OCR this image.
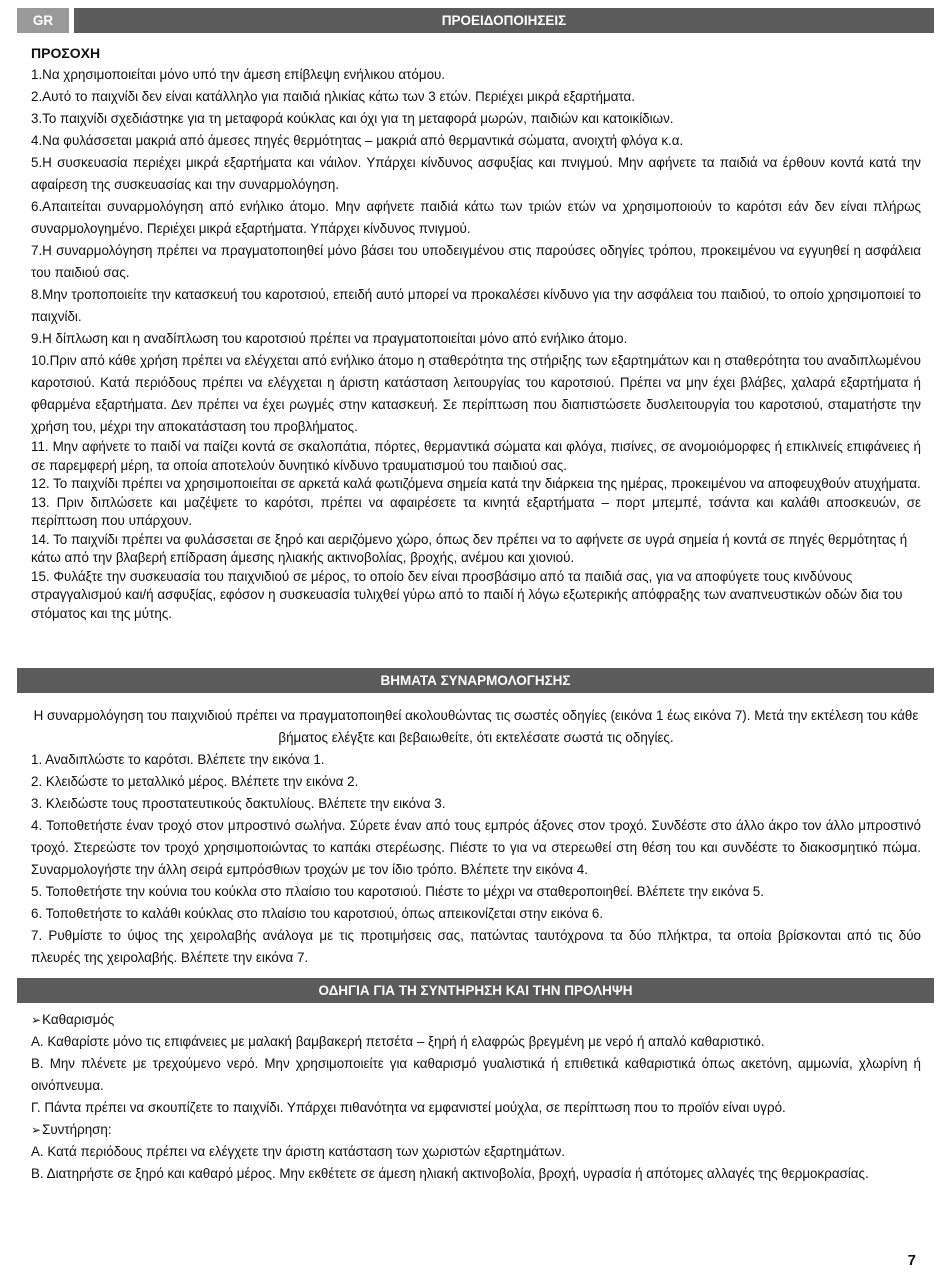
GR	ΠΡΟΕΙΔΟΠΟΙΗΣΕΙΣ

ΠΡΟΣΟΧΗ

1.Να χρησιμοποιείται μόνο υπό την άμεση επίβλεψη ενήλικου ατόμου.

2.Αυτό το παιχνίδι δεν είναι κατάλληλο για παιδιά ηλικίας κάτω των 3 ετών. Περιέχει μικρά εξαρτήματα.

3.Το παιχνίδι σχεδιάστηκε για τη μεταφορά κούκλας και όχι για τη μεταφορά μωρών, παιδιών και κατοικίδιων.

4.Να φυλάσσεται μακριά από άμεσες πηγές θερμότητας – μακριά από θερμαντικά σώματα, ανοιχτή φλόγα κ.α.

5.Η συσκευασία περιέχει μικρά εξαρτήματα και νάιλον. Υπάρχει κίνδυνος ασφυξίας και πνιγμού. Μην αφήνετε τα παιδιά να έρθουν κοντά κατά την αφαίρεση της συσκευασίας και την συναρμολόγηση.

6.Απαιτείται συναρμολόγηση από ενήλικο άτομο. Μην αφήνετε παιδιά κάτω των τριών ετών να χρησιμοποιούν το καρότσι εάν δεν είναι πλήρως συναρμολογημένο. Περιέχει μικρά εξαρτήματα. Υπάρχει κίνδυνος πνιγμού.

7.Η συναρμολόγηση πρέπει να πραγματοποιηθεί μόνο βάσει του υποδειγμένου στις παρούσες οδηγίες τρόπου, προκειμένου να εγγυηθεί η ασφάλεια του παιδιού σας.

8.Μην τροποποιείτε την κατασκευή του καροτσιού, επειδή αυτό μπορεί να προκαλέσει κίνδυνο για την ασφάλεια του παιδιού, το οποίο χρησιμοποιεί το παιχνίδι.

9.Η δίπλωση και η αναδίπλωση του καροτσιού πρέπει να πραγματοποιείται μόνο από ενήλικο άτομο.

10.Πριν από κάθε χρήση πρέπει να ελέγχεται από ενήλικο άτομο η σταθερότητα της στήριξης των εξαρτημάτων και η σταθερότητα του αναδιπλωμένου καροτσιού. Κατά περιόδους πρέπει να ελέγχεται η άριστη κατάσταση λειτουργίας του καροτσιού. Πρέπει να μην έχει βλάβες, χαλαρά εξαρτήματα ή φθαρμένα εξαρτήματα. Δεν πρέπει να έχει ρωγμές στην κατασκευή. Σε περίπτωση που διαπιστώσετε δυσλειτουργία του καροτσιού, σταματήστε την χρήση του, μέχρι την αποκατάσταση του προβλήματος.

11. Μην αφήνετε το παιδί να παίζει κοντά σε σκαλοπάτια, πόρτες, θερμαντικά σώματα και φλόγα, πισίνες, σε ανομοιόμορφες ή επικλινείς επιφάνειες ή σε παρεμφερή μέρη, τα οποία αποτελούν δυνητικό κίνδυνο τραυματισμού του παιδιού σας.

12. Το παιχνίδι πρέπει να χρησιμοποιείται σε αρκετά καλά φωτιζόμενα σημεία κατά την διάρκεια της ημέρας, προκειμένου να αποφευχθούν ατυχήματα.

13. Πριν διπλώσετε και μαζέψετε το καρότσι, πρέπει να αφαιρέσετε τα κινητά εξαρτήματα – πορτ μπεμπέ, τσάντα και καλάθι αποσκευών, σε περίπτωση που υπάρχουν.

14. Το παιχνίδι πρέπει να φυλάσσεται σε ξηρό και αεριζόμενο χώρο, όπως δεν πρέπει να το αφήνετε σε υγρά σημεία ή κοντά σε πηγές θερμότητας ή κάτω από την βλαβερή επίδραση άμεσης ηλιακής ακτινοβολίας, βροχής, ανέμου και χιονιού.

15. Φυλάξτε την συσκευασία του παιχνιδιού σε μέρος, το οποίο δεν είναι προσβάσιμο από τα παιδιά σας, για να αποφύγετε τους κινδύνους στραγγαλισμού και/ή ασφυξίας, εφόσον η συσκευασία τυλιχθεί γύρω από το παιδί ή λόγω εξωτερικής απόφραξης των αναπνευστικών οδών δια του στόματος και της μύτης.

ΒΗΜΑΤΑ ΣΥΝΑΡΜΟΛΟΓΗΣΗΣ

Η συναρμολόγηση του παιχνιδιού πρέπει να πραγματοποιηθεί ακολουθώντας τις σωστές οδηγίες (εικόνα 1 έως εικόνα 7). Μετά την εκτέλεση του κάθε βήματος ελέγξτε και βεβαιωθείτε, ότι εκτελέσατε σωστά τις οδηγίες.

1. Αναδιπλώστε το καρότσι. Βλέπετε την εικόνα 1.

2. Κλειδώστε το μεταλλικό μέρος. Βλέπετε την εικόνα 2.

3. Κλειδώστε τους προστατευτικούς δακτυλίους. Βλέπετε την εικόνα 3.

4. Τοποθετήστε έναν τροχό στον μπροστινό σωλήνα. Σύρετε έναν από τους εμπρός άξονες στον τροχό. Συνδέστε στο άλλο άκρο τον άλλο μπροστινό τροχό. Στερεώστε τον τροχό χρησιμοποιώντας το καπάκι στερέωσης. Πιέστε το για να στερεωθεί στη θέση του και συνδέστε το διακοσμητικό πώμα. Συναρμολογήστε την άλλη σειρά εμπρόσθιων τροχών με τον ίδιο τρόπο. Βλέπετε την εικόνα 4.

5. Τοποθετήστε την κούνια του κούκλα στο πλαίσιο του καροτσιού. Πιέστε το μέχρι να σταθεροποιηθεί. Βλέπετε την εικόνα 5.

6. Τοποθετήστε το καλάθι κούκλας στο πλαίσιο του καροτσιού, όπως απεικονίζεται στην εικόνα 6.

7. Ρυθμίστε το ύψος της χειρολαβής ανάλογα με τις προτιμήσεις σας, πατώντας ταυτόχρονα τα δύο πλήκτρα, τα οποία βρίσκονται από τις δύο πλευρές της χειρολαβής. Βλέπετε την εικόνα 7.

ΟΔΗΓΙΑ ΓΙΑ ΤΗ ΣΥΝΤΗΡΗΣΗ ΚΑΙ ΤΗΝ ΠΡΟΛΗΨΗ

➢Καθαρισμός

Α. Καθαρίστε μόνο τις επιφάνειες με μαλακή βαμβακερή πετσέτα – ξηρή ή ελαφρώς βρεγμένη με νερό ή απαλό καθαριστικό.

Β. Μην πλένετε με τρεχούμενο νερό. Μην χρησιμοποιείτε για καθαρισμό γυαλιστικά ή επιθετικά καθαριστικά όπως ακετόνη, αμμωνία, χλωρίνη ή οινόπνευμα.

Γ. Πάντα πρέπει να σκουπίζετε το παιχνίδι. Υπάρχει πιθανότητα να εμφανιστεί μούχλα, σε περίπτωση που το προϊόν είναι υγρό.

➢Συντήρηση:

Α. Κατά περιόδους πρέπει να ελέγχετε την άριστη κατάσταση των χωριστών εξαρτημάτων.

Β. Διατηρήστε σε ξηρό και καθαρό μέρος. Μην εκθέτετε σε άμεση ηλιακή ακτινοβολία, βροχή, υγρασία ή απότομες αλλαγές της θερμοκρασίας.

7
